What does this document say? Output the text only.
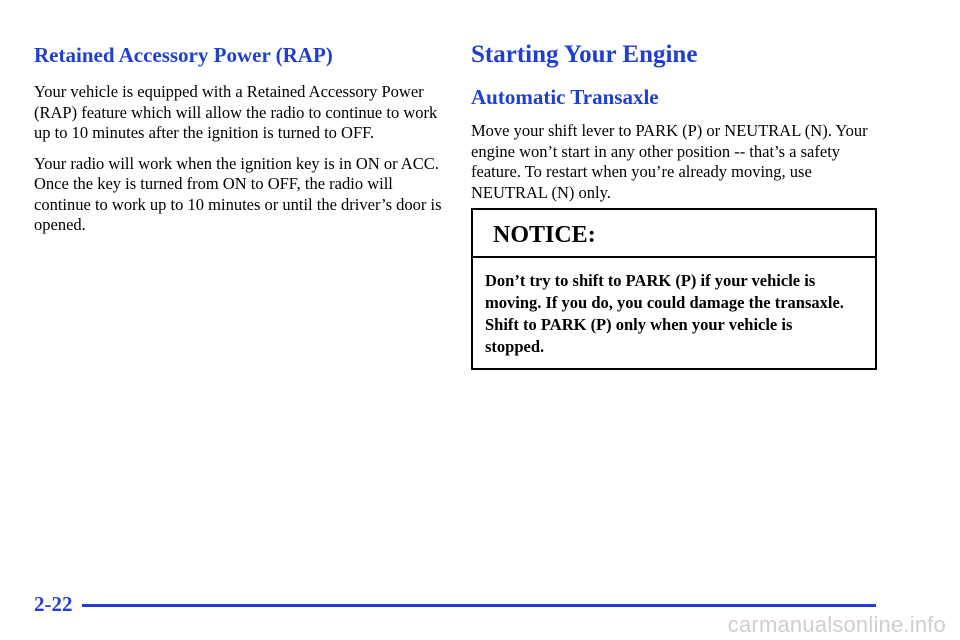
Retained Accessory Power (RAP)

Your vehicle is equipped with a Retained Accessory Power (RAP) feature which will allow the radio to continue to work up to 10 minutes after the ignition is turned to OFF.

Your radio will work when the ignition key is in ON or ACC. Once the key is turned from ON to OFF, the radio will continue to work up to 10 minutes or until the driver’s door is opened.

Starting Your Engine
Automatic Transaxle

Move your shift lever to PARK (P) or NEUTRAL (N). Your engine won’t start in any other position -- that’s a safety feature. To restart when you’re already moving, use NEUTRAL (N) only.

NOTICE:
Don’t try to shift to PARK (P) if your vehicle is moving. If you do, you could damage the transaxle. Shift to PARK (P) only when your vehicle is stopped.
2-22
carmanualsonline.info
